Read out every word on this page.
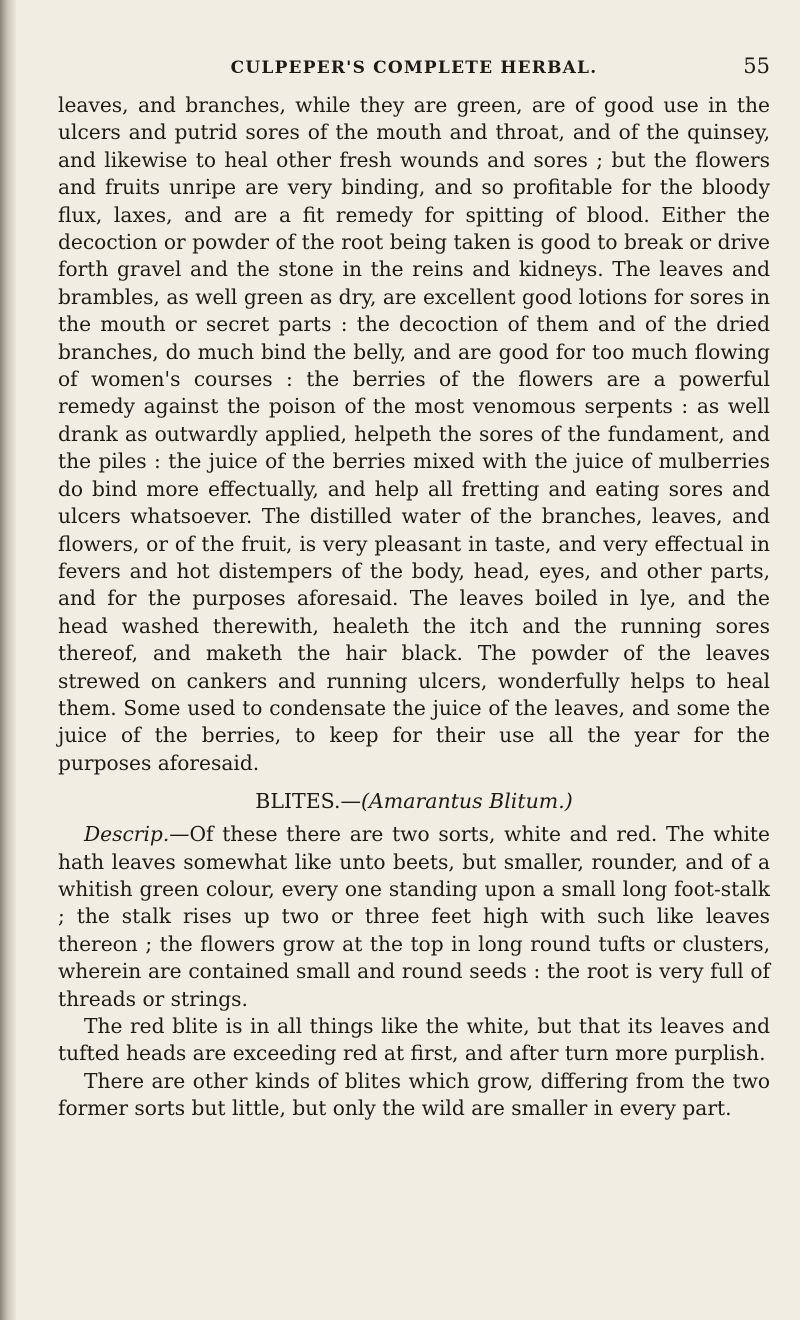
CULPEPER'S COMPLETE HERBAL.	55

leaves, and branches, while they are green, are of good use in the ulcers and putrid sores of the mouth and throat, and of the quinsey, and likewise to heal other fresh wounds and sores ; but the flowers and fruits unripe are very binding, and so profitable for the bloody flux, laxes, and are a fit remedy for spitting of blood. Either the decoction or powder of the root being taken is good to break or drive forth gravel and the stone in the reins and kidneys. The leaves and brambles, as well green as dry, are excellent good lotions for sores in the mouth or secret parts : the decoction of them and of the dried branches, do much bind the belly, and are good for too much flowing of women's courses : the berries of the flowers are a powerful remedy against the poison of the most venomous serpents : as well drank as outwardly applied, helpeth the sores of the fundament, and the piles : the juice of the berries mixed with the juice of mulberries do bind more effectually, and help all fretting and eating sores and ulcers whatsoever. The distilled water of the branches, leaves, and flowers, or of the fruit, is very pleasant in taste, and very effectual in fevers and hot distempers of the body, head, eyes, and other parts, and for the purposes aforesaid. The leaves boiled in lye, and the head washed therewith, healeth the itch and the running sores thereof, and maketh the hair black. The powder of the leaves strewed on cankers and running ulcers, wonderfully helps to heal them. Some used to condensate the juice of the leaves, and some the juice of the berries, to keep for their use all the year for the purposes aforesaid.

BLITES.—(Amarantus Blitum.)

Descrip.—Of these there are two sorts, white and red. The white hath leaves somewhat like unto beets, but smaller, rounder, and of a whitish green colour, every one standing upon a small long foot-stalk ; the stalk rises up two or three feet high with such like leaves thereon ; the flowers grow at the top in long round tufts or clusters, wherein are contained small and round seeds : the root is very full of threads or strings.

The red blite is in all things like the white, but that its leaves and tufted heads are exceeding red at first, and after turn more purplish.

There are other kinds of blites which grow, differing from the two former sorts but little, but only the wild are smaller in every part.
